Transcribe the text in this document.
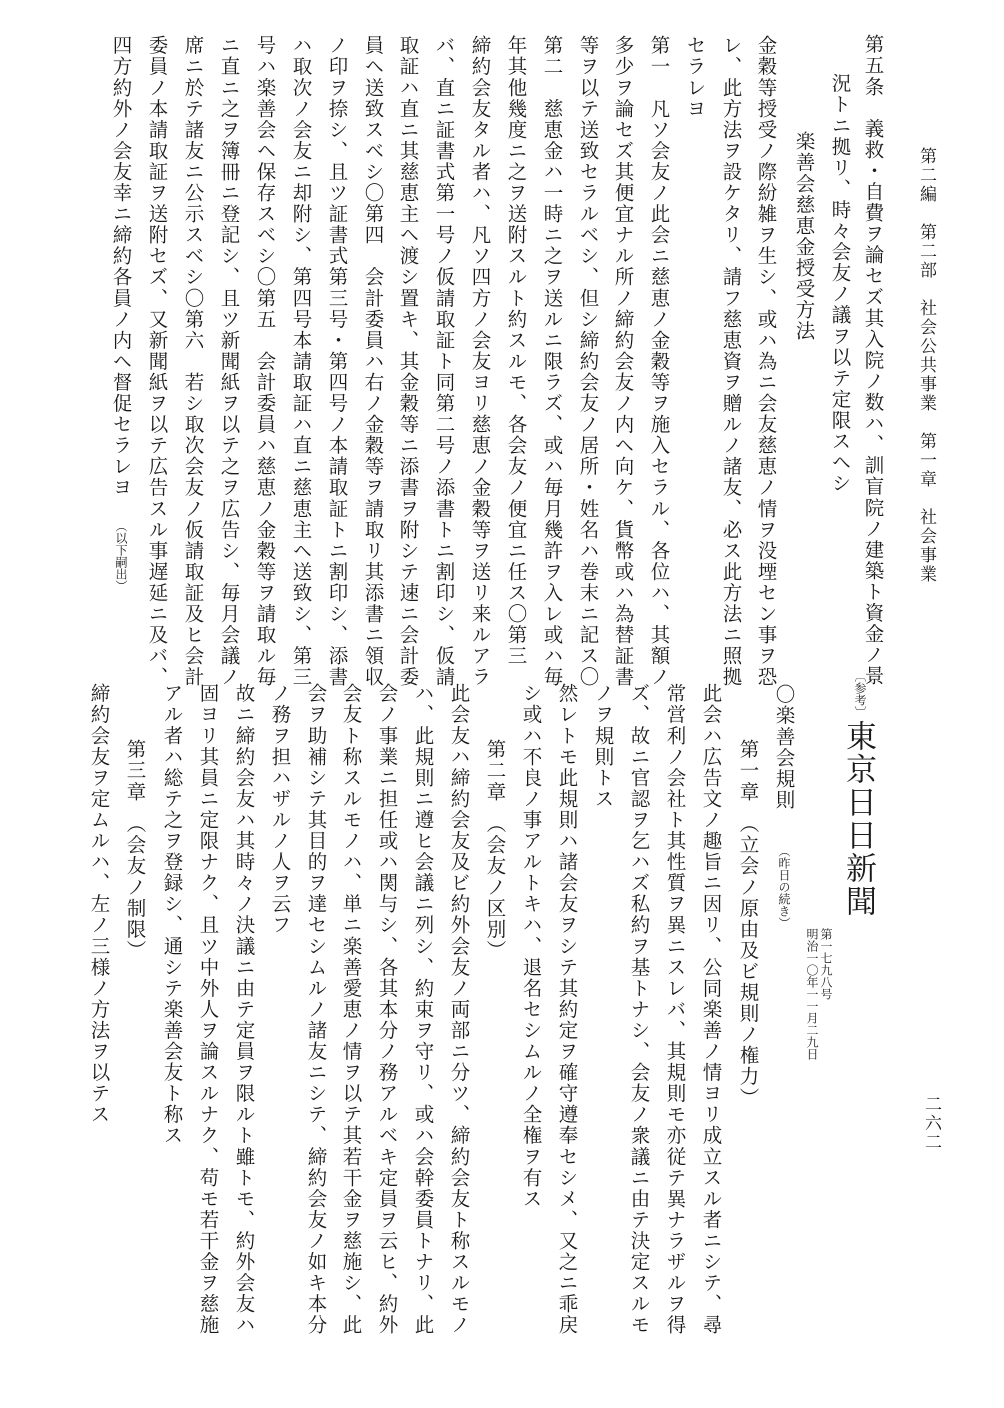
第二編　第二部　社会公共事業　第一章　社会事業
二六二
第五条　義救・自費ヲ論セズ其入院ノ数ハ、訓盲院ノ建築ト資金ノ景
況トニ拠リ、時々会友ノ議ヲ以テ定限スヘシ
楽善会慈恵金授受方法
金穀等授受ノ際紛雑ヲ生シ、或ハ為ニ会友慈恵ノ情ヲ没堙セン事ヲ恐
レ、此方法ヲ設ケタリ、請フ慈恵資ヲ贈ルノ諸友、必ス此方法ニ照拠
セラレヨ
第一　凡ソ会友ノ此会ニ慈恵ノ金穀等ヲ施入セラル、各位ハ、其額ノ
多少ヲ論セズ其便宜ナル所ノ締約会友ノ内ヘ向ケ、貨幣或ハ為替証書
等ヲ以テ送致セラルベシ、但シ締約会友ノ居所・姓名ハ巻末ニ記ス〇
第二　慈恵金ハ一時ニ之ヲ送ルニ限ラズ、或ハ毎月幾許ヲ入レ或ハ毎
年其他幾度ニ之ヲ送附スルト約スルモ、各会友ノ便宜ニ任ス〇第三
締約会友タル者ハ、凡ソ四方ノ会友ヨリ慈恵ノ金穀等ヲ送リ来ルアラ
バ、直ニ証書式第一号ノ仮請取証ト同第二号ノ添書トニ割印シ、仮請
取証ハ直ニ其慈恵主ヘ渡シ置キ、其金穀等ニ添書ヲ附シテ速ニ会計委
員ヘ送致スベシ〇第四　会計委員ハ右ノ金穀等ヲ請取リ其添書ニ領収
ノ印ヲ捺シ、且ツ証書式第三号・第四号ノ本請取証トニ割印シ、添書
ハ取次ノ会友ニ却附シ、第四号本請取証ハ直ニ慈恵主ヘ送致シ、第三
号ハ楽善会ヘ保存スベシ〇第五　会計委員ハ慈恵ノ金穀等ヲ請取ル毎
ニ直ニ之ヲ簿冊ニ登記シ、且ツ新聞紙ヲ以テ之ヲ広告シ、毎月会議ノ
席ニ於テ諸友ニ公示スベシ〇第六　若シ取次会友ノ仮請取証及ヒ会計
委員ノ本請取証ヲ送附セズ、又新聞紙ヲ以テ広告スル事遅延ニ及バ、
四方約外ノ会友幸ニ締約各員ノ内ヘ督促セラレヨ
（以下嗣出）
〔参考〕
東京日日新聞
第一七九八号
明治一〇年一一月二九日
〇楽善会規則
（昨日の続き）
第一章　（立会ノ原由及ビ規則ノ権力）
此会ハ広告文ノ趣旨ニ因リ、公同楽善ノ情ヨリ成立スル者ニシテ、尋
常営利ノ会社ト其性質ヲ異ニスレバ、其規則モ亦従テ異ナラザルヲ得
ズ、故ニ官認ヲ乞ハズ私約ヲ基トナシ、会友ノ衆議ニ由テ決定スルモ
ノヲ規則トス
然レトモ此規則ハ諸会友ヲシテ其約定ヲ確守遵奉セシメ、又之ニ乖戻
シ或ハ不良ノ事アルトキハ、退名セシムルノ全権ヲ有ス
第二章　（会友ノ区別）
此会友ハ締約会友及ビ約外会友ノ両部ニ分ツ、締約会友ト称スルモノ
ハ、此規則ニ遵ヒ会議ニ列シ、約束ヲ守リ、或ハ会幹委員トナリ、此
会ノ事業ニ担任或ハ関与シ、各其本分ノ務アルベキ定員ヲ云ヒ、約外
会友ト称スルモノハ、単ニ楽善愛恵ノ情ヲ以テ其若干金ヲ慈施シ、此
会ヲ助補シテ其目的ヲ達セシムルノ諸友ニシテ、締約会友ノ如キ本分
ノ務ヲ担ハザルノ人ヲ云フ
故ニ締約会友ハ其時々ノ決議ニ由テ定員ヲ限ルト雖トモ、約外会友ハ
固ヨリ其員ニ定限ナク、且ツ中外人ヲ論スルナク、苟モ若干金ヲ慈施
アル者ハ総テ之ヲ登録シ、通シテ楽善会友ト称ス
第三章　（会友ノ制限）
締約会友ヲ定ムルハ、左ノ三様ノ方法ヲ以テス
